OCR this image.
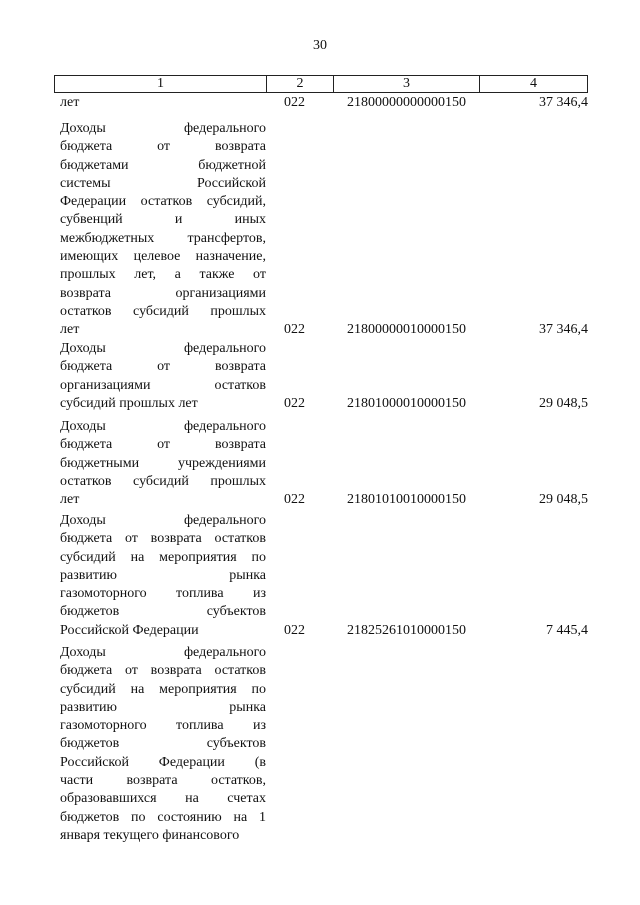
30
1	2	3	4
лет	022	21800000000000150	37 346,4
Доходы федерального
бюджета от возврата
бюджетами бюджетной
системы Российской
Федерации остатков субсидий,
субвенций и иных
межбюджетных трансфертов,
имеющих целевое назначение,
прошлых лет, а также от
возврата организациями
остатков субсидий прошлых
лет	022	21800000010000150	37 346,4
Доходы федерального
бюджета от возврата
организациями остатков
субсидий прошлых лет	022	21801000010000150	29 048,5
Доходы федерального
бюджета от возврата
бюджетными учреждениями
остатков субсидий прошлых
лет	022	21801010010000150	29 048,5
Доходы федерального
бюджета от возврата остатков
субсидий на мероприятия по
развитию рынка
газомоторного топлива из
бюджетов субъектов
Российской Федерации	022	21825261010000150	7 445,4
Доходы федерального
бюджета от возврата остатков
субсидий на мероприятия по
развитию рынка
газомоторного топлива из
бюджетов субъектов
Российской Федерации (в
части возврата остатков,
образовавшихся на счетах
бюджетов по состоянию на 1
января текущего финансового
